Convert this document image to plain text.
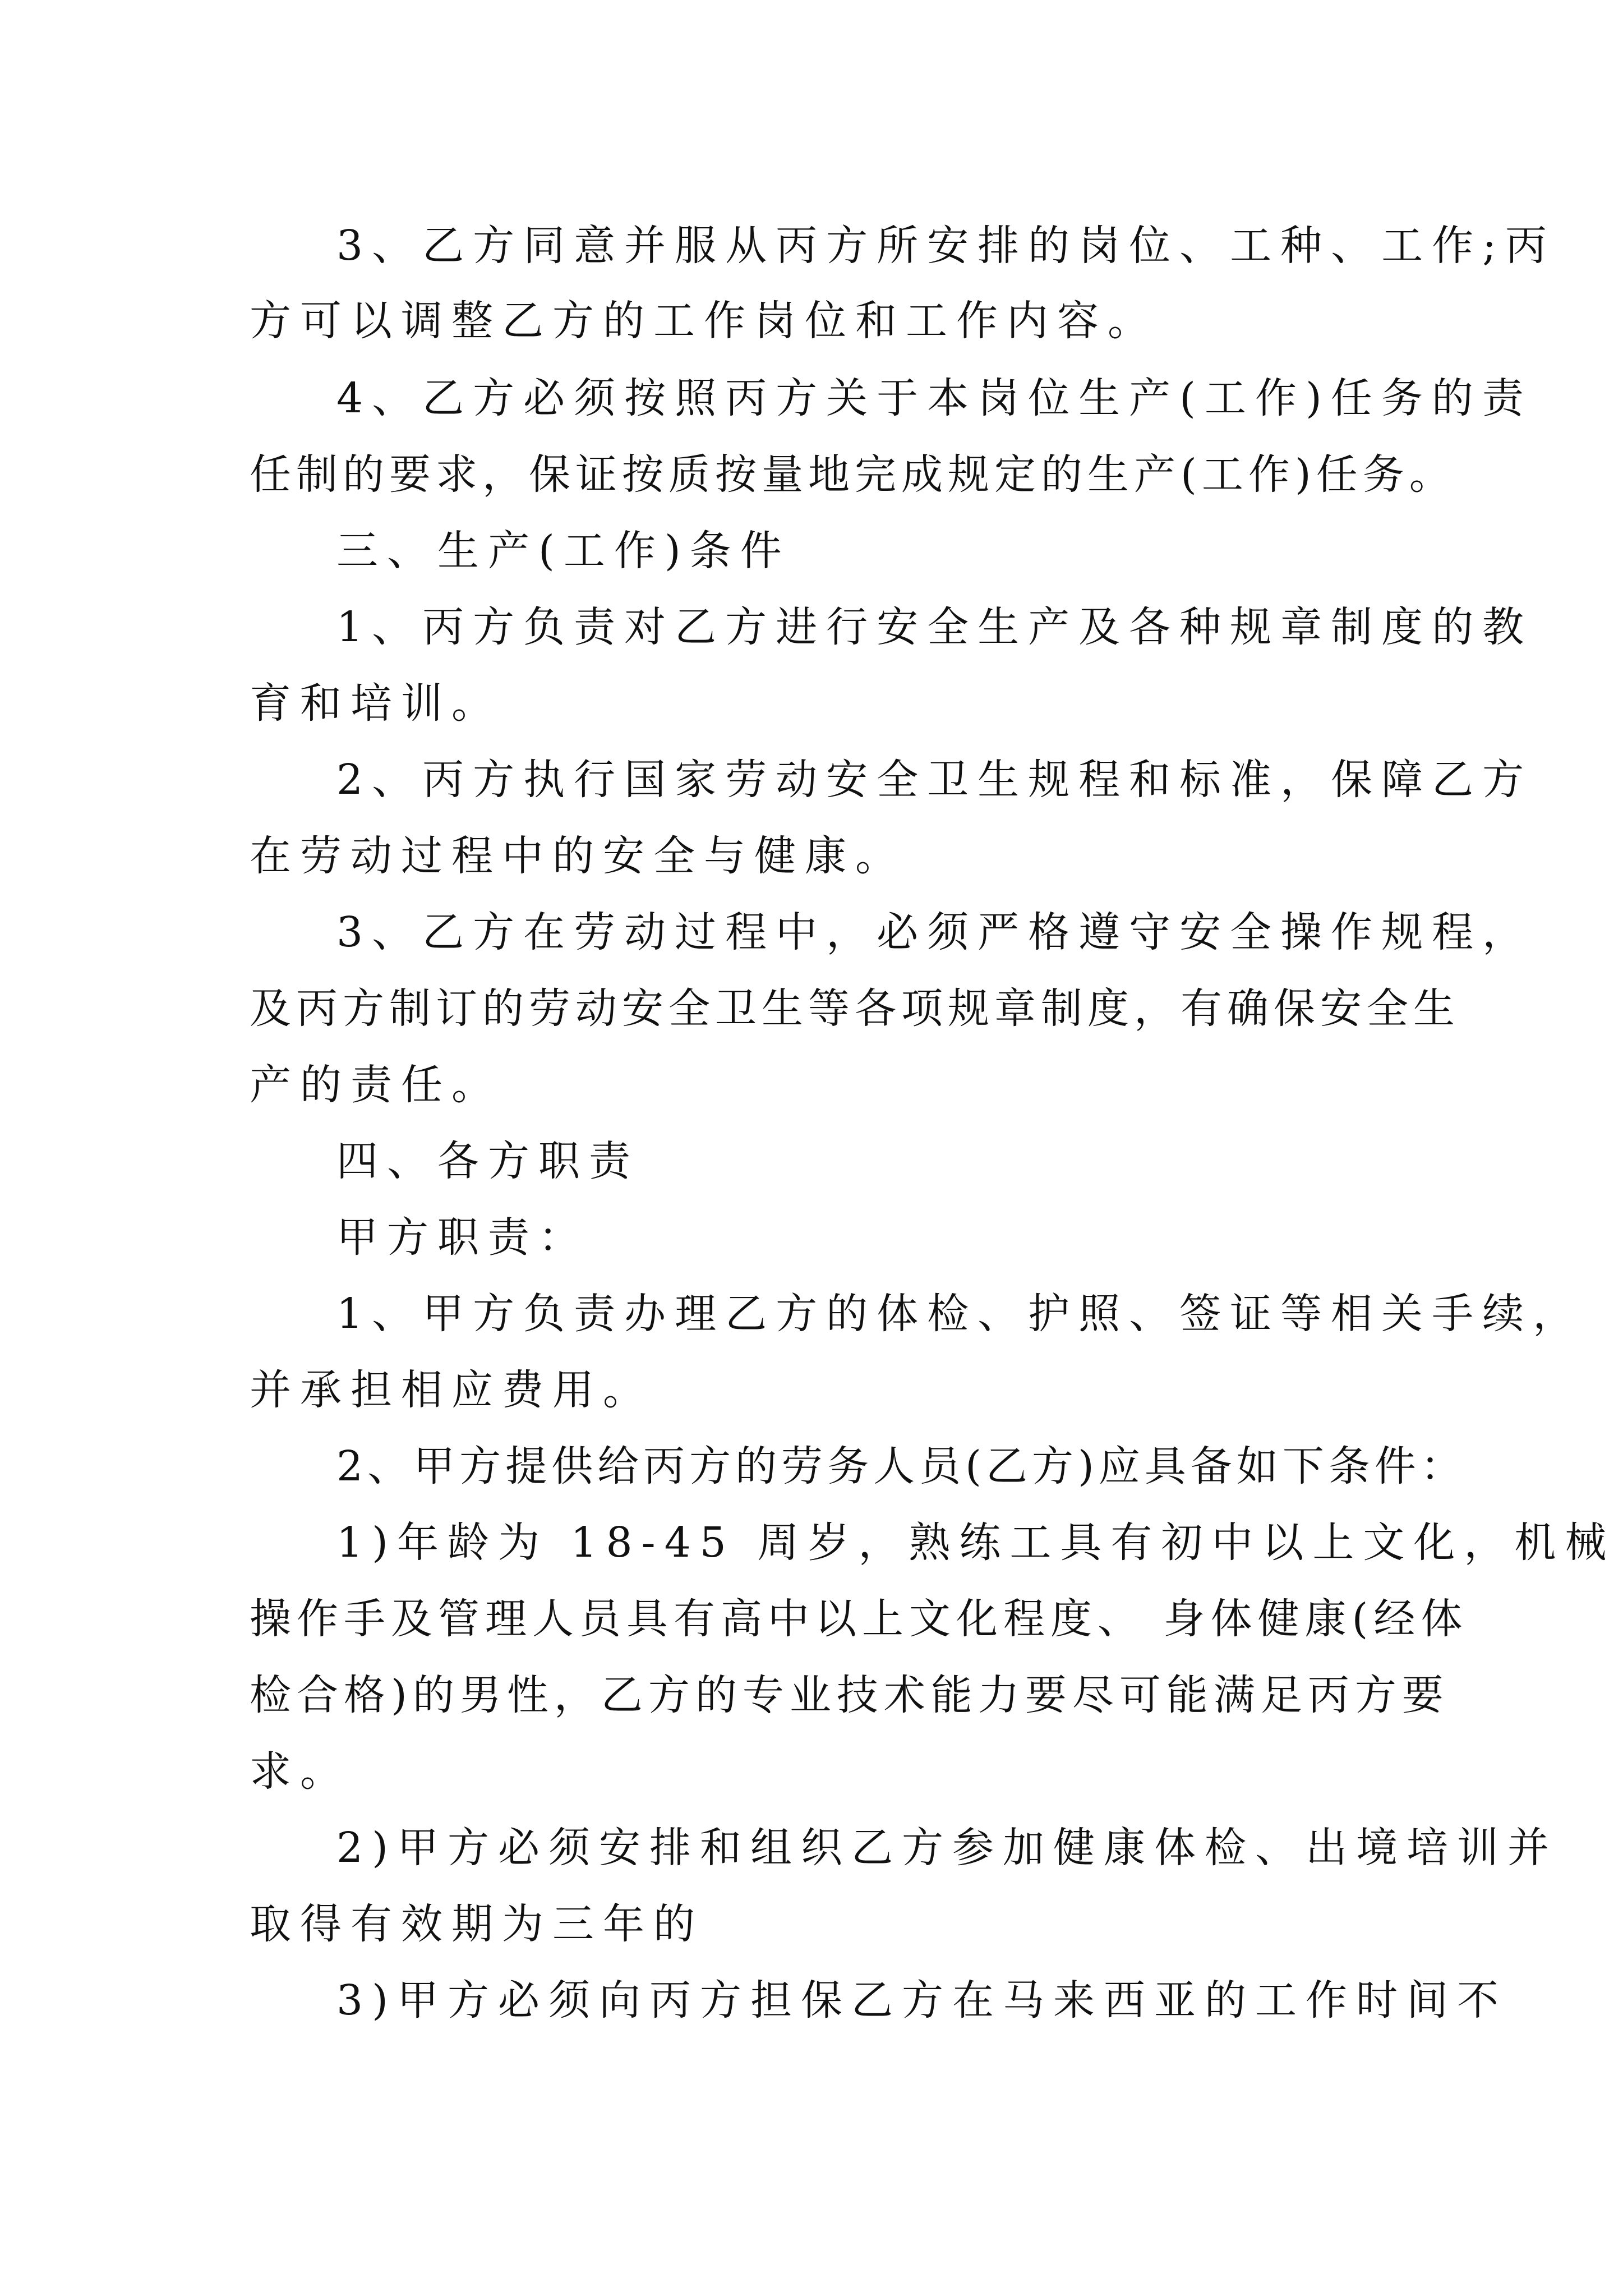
3、乙方同意并服从丙方所安排的岗位、工种、工作;丙
方可以调整乙方的工作岗位和工作内容。
4、乙方必须按照丙方关于本岗位生产(工作)任务的责
任制的要求，保证按质按量地完成规定的生产(工作)任务。
三、生产(工作)条件
1、丙方负责对乙方进行安全生产及各种规章制度的教
育和培训。
2、丙方执行国家劳动安全卫生规程和标准，保障乙方
在劳动过程中的安全与健康。
3、乙方在劳动过程中，必须严格遵守安全操作规程，
及丙方制订的劳动安全卫生等各项规章制度，有确保安全生
产的责任。
四、各方职责
甲方职责：
1、甲方负责办理乙方的体检、护照、签证等相关手续，
并承担相应费用。
2、甲方提供给丙方的劳务人员(乙方)应具备如下条件：
1)年龄为 18-45 周岁，熟练工具有初中以上文化，机械
操作手及管理人员具有高中以上文化程度、 身体健康(经体
检合格)的男性，乙方的专业技术能力要尽可能满足丙方要
求。
2)甲方必须安排和组织乙方参加健康体检、出境培训并
取得有效期为三年的
3)甲方必须向丙方担保乙方在马来西亚的工作时间不
